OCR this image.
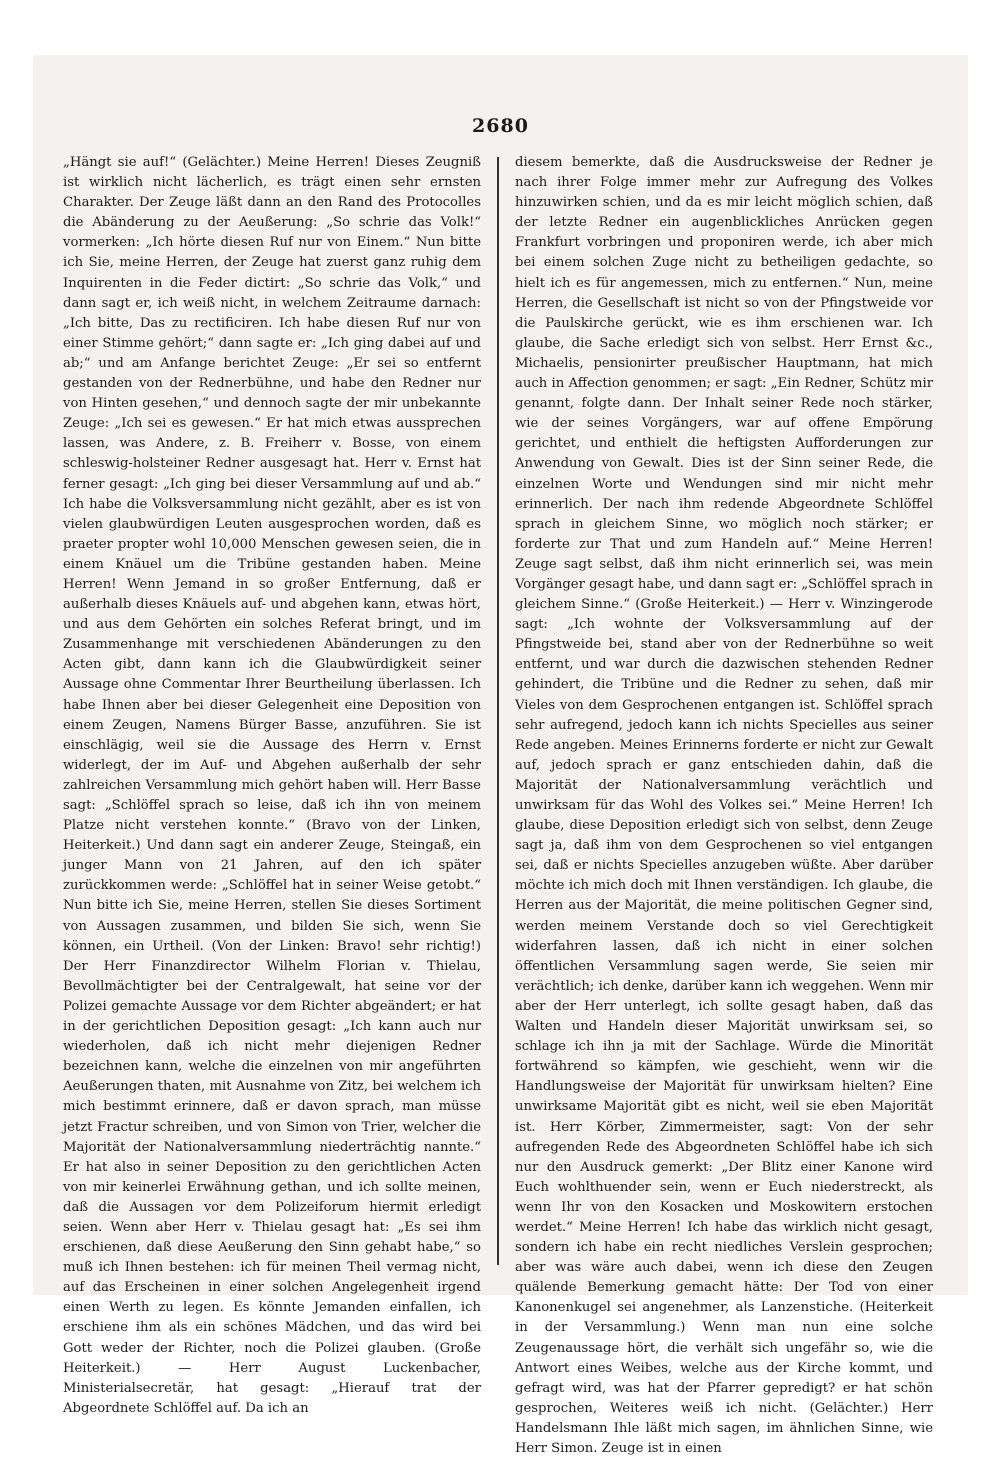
2680

„Hängt sie auf!“ (Gelächter.) Meine Herren! Dieses Zeugniß ist wirklich nicht lächerlich, es trägt einen sehr ernsten Charakter. Der Zeuge läßt dann an den Rand des Protocolles die Abänderung zu der Aeußerung: „So schrie das Volk!“ vormerken: „Ich hörte diesen Ruf nur von Einem.“ Nun bitte ich Sie, meine Herren, der Zeuge hat zuerst ganz ruhig dem Inquirenten in die Feder dictirt: „So schrie das Volk,“ und dann sagt er, ich weiß nicht, in welchem Zeitraume darnach: „Ich bitte, Das zu rectificiren. Ich habe diesen Ruf nur von einer Stimme gehört;“ dann sagte er: „Ich ging dabei auf und ab;“ und am Anfange berichtet Zeuge: „Er sei so entfernt gestanden von der Rednerbühne, und habe den Redner nur von Hinten gesehen,“ und dennoch sagte der mir unbekannte Zeuge: „Ich sei es gewesen.“ Er hat mich etwas aussprechen lassen, was Andere, z. B. Freiherr v. Bosse, von einem schleswig-holsteiner Redner ausgesagt hat. Herr v. Ernst hat ferner gesagt: „Ich ging bei dieser Versammlung auf und ab.“ Ich habe die Volksversammlung nicht gezählt, aber es ist von vielen glaubwürdigen Leuten ausgesprochen worden, daß es praeter propter wohl 10,000 Menschen gewesen seien, die in einem Knäuel um die Tribüne gestanden haben. Meine Herren! Wenn Jemand in so großer Entfernung, daß er außerhalb dieses Knäuels auf- und abgehen kann, etwas hört, und aus dem Gehörten ein solches Referat bringt, und im Zusammenhange mit verschiedenen Abänderungen zu den Acten gibt, dann kann ich die Glaubwürdigkeit seiner Aussage ohne Commentar Ihrer Beurtheilung überlassen. Ich habe Ihnen aber bei dieser Gelegenheit eine Deposition von einem Zeugen, Namens Bürger Basse, anzuführen. Sie ist einschlägig, weil sie die Aussage des Herrn v. Ernst widerlegt, der im Auf- und Abgehen außerhalb der sehr zahlreichen Versammlung mich gehört haben will. Herr Basse sagt: „Schlöffel sprach so leise, daß ich ihn von meinem Platze nicht verstehen konnte.“ (Bravo von der Linken, Heiterkeit.) Und dann sagt ein anderer Zeuge, Steingaß, ein junger Mann von 21 Jahren, auf den ich später zurückkommen werde: „Schlöffel hat in seiner Weise getobt.“ Nun bitte ich Sie, meine Herren, stellen Sie dieses Sortiment von Aussagen zusammen, und bilden Sie sich, wenn Sie können, ein Urtheil. (Von der Linken: Bravo! sehr richtig!) Der Herr Finanzdirector Wilhelm Florian v. Thielau, Bevollmächtigter bei der Centralgewalt, hat seine vor der Polizei gemachte Aussage vor dem Richter abgeändert; er hat in der gerichtlichen Deposition gesagt: „Ich kann auch nur wiederholen, daß ich nicht mehr diejenigen Redner bezeichnen kann, welche die einzelnen von mir angeführten Aeußerungen thaten, mit Ausnahme von Zitz, bei welchem ich mich bestimmt erinnere, daß er davon sprach, man müsse jetzt Fractur schreiben, und von Simon von Trier, welcher die Majorität der Nationalversammlung niederträchtig nannte.“ Er hat also in seiner Deposition zu den gerichtlichen Acten von mir keinerlei Erwähnung gethan, und ich sollte meinen, daß die Aussagen vor dem Polizeiforum hiermit erledigt seien. Wenn aber Herr v. Thielau gesagt hat: „Es sei ihm erschienen, daß diese Aeußerung den Sinn gehabt habe,“ so muß ich Ihnen bestehen: ich für meinen Theil vermag nicht, auf das Erscheinen in einer solchen Angelegenheit irgend einen Werth zu legen. Es könnte Jemanden einfallen, ich erschiene ihm als ein schönes Mädchen, und das wird bei Gott weder der Richter, noch die Polizei glauben. (Große Heiterkeit.) — Herr August Luckenbacher, Ministerialsecretär, hat gesagt: „Hierauf trat der Abgeordnete Schlöffel auf. Da ich an

diesem bemerkte, daß die Ausdrucksweise der Redner je nach ihrer Folge immer mehr zur Aufregung des Volkes hinzuwirken schien, und da es mir leicht möglich schien, daß der letzte Redner ein augenblickliches Anrücken gegen Frankfurt vorbringen und proponiren werde, ich aber mich bei einem solchen Zuge nicht zu betheiligen gedachte, so hielt ich es für angemessen, mich zu entfernen.“ Nun, meine Herren, die Gesellschaft ist nicht so von der Pfingstweide vor die Paulskirche gerückt, wie es ihm erschienen war. Ich glaube, die Sache erledigt sich von selbst. Herr Ernst &c., Michaelis, pensionirter preußischer Hauptmann, hat mich auch in Affection genommen; er sagt: „Ein Redner, Schütz mir genannt, folgte dann. Der Inhalt seiner Rede noch stärker, wie der seines Vorgängers, war auf offene Empörung gerichtet, und enthielt die heftigsten Aufforderungen zur Anwendung von Gewalt. Dies ist der Sinn seiner Rede, die einzelnen Worte und Wendungen sind mir nicht mehr erinnerlich. Der nach ihm redende Abgeordnete Schlöffel sprach in gleichem Sinne, wo möglich noch stärker; er forderte zur That und zum Handeln auf.“ Meine Herren! Zeuge sagt selbst, daß ihm nicht erinnerlich sei, was mein Vorgänger gesagt habe, und dann sagt er: „Schlöffel sprach in gleichem Sinne.“ (Große Heiterkeit.) — Herr v. Winzingerode sagt: „Ich wohnte der Volksversammlung auf der Pfingstweide bei, stand aber von der Rednerbühne so weit entfernt, und war durch die dazwischen stehenden Redner gehindert, die Tribüne und die Redner zu sehen, daß mir Vieles von dem Gesprochenen entgangen ist. Schlöffel sprach sehr aufregend, jedoch kann ich nichts Specielles aus seiner Rede angeben. Meines Erinnerns forderte er nicht zur Gewalt auf, jedoch sprach er ganz entschieden dahin, daß die Majorität der Nationalversammlung verächtlich und unwirksam für das Wohl des Volkes sei.“ Meine Herren! Ich glaube, diese Deposition erledigt sich von selbst, denn Zeuge sagt ja, daß ihm von dem Gesprochenen so viel entgangen sei, daß er nichts Specielles anzugeben wüßte. Aber darüber möchte ich mich doch mit Ihnen verständigen. Ich glaube, die Herren aus der Majorität, die meine politischen Gegner sind, werden meinem Verstande doch so viel Gerechtigkeit widerfahren lassen, daß ich nicht in einer solchen öffentlichen Versammlung sagen werde, Sie seien mir verächtlich; ich denke, darüber kann ich weggehen. Wenn mir aber der Herr unterlegt, ich sollte gesagt haben, daß das Walten und Handeln dieser Majorität unwirksam sei, so schlage ich ihn ja mit der Sachlage. Würde die Minorität fortwährend so kämpfen, wie geschieht, wenn wir die Handlungsweise der Majorität für unwirksam hielten? Eine unwirksame Majorität gibt es nicht, weil sie eben Majorität ist. Herr Körber, Zimmermeister, sagt: Von der sehr aufregenden Rede des Abgeordneten Schlöffel habe ich sich nur den Ausdruck gemerkt: „Der Blitz einer Kanone wird Euch wohlthuender sein, wenn er Euch niederstreckt, als wenn Ihr von den Kosacken und Moskowitern erstochen werdet.“ Meine Herren! Ich habe das wirklich nicht gesagt, sondern ich habe ein recht niedliches Verslein gesprochen; aber was wäre auch dabei, wenn ich diese den Zeugen quälende Bemerkung gemacht hätte: Der Tod von einer Kanonenkugel sei angenehmer, als Lanzenstiche. (Heiterkeit in der Versammlung.) Wenn man nun eine solche Zeugenaussage hört, die verhält sich ungefähr so, wie die Antwort eines Weibes, welche aus der Kirche kommt, und gefragt wird, was hat der Pfarrer gepredigt? er hat schön gesprochen, Weiteres weiß ich nicht. (Gelächter.) Herr Handelsmann Ihle läßt mich sagen, im ähnlichen Sinne, wie Herr Simon. Zeuge ist in einen
